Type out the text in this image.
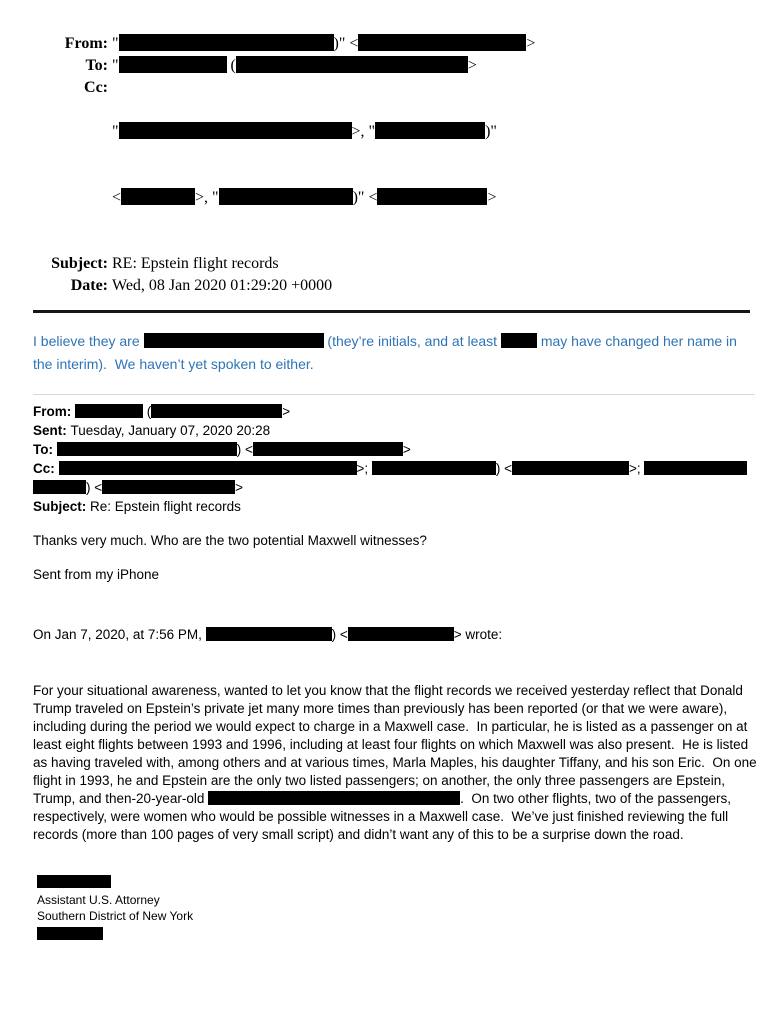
From: "	)" <	>
To: "	(	>
Cc:

"	>, "	)"

<	>, "	)" <	>

Subject: RE: Epstein flight records
Date: Wed, 08 Jan 2020 01:29:20 +0000
I believe they are	(they’re initials, and at least	may have changed her name in the interim).  We haven’t yet spoken to either.
From:	(	>
Sent: Tuesday, January 07, 2020 20:28
To:	) <	>
Cc:	>;	) <	>;
) <	>
Subject: Re: Epstein flight records
Thanks very much. Who are the two potential Maxwell witnesses?
Sent from my iPhone
On Jan 7, 2020, at 7:56 PM,	) <	> wrote:
For your situational awareness, wanted to let you know that the flight records we received yesterday reflect that Donald Trump traveled on Epstein’s private jet many more times than previously has been reported (or that we were aware), including during the period we would expect to charge in a Maxwell case.  In particular, he is listed as a passenger on at least eight flights between 1993 and 1996, including at least four flights on which Maxwell was also present.  He is listed as having traveled with, among others and at various times, Marla Maples, his daughter Tiffany, and his son Eric.  On one flight in 1993, he and Epstein are the only two listed passengers; on another, the only three passengers are Epstein, Trump, and then-20-year-old	.  On two other flights, two of the passengers, respectively, were women who would be possible witnesses in a Maxwell case.  We’ve just finished reviewing the full records (more than 100 pages of very small script) and didn’t want any of this to be a surprise down the road.
Assistant U.S. Attorney
Southern District of New York
